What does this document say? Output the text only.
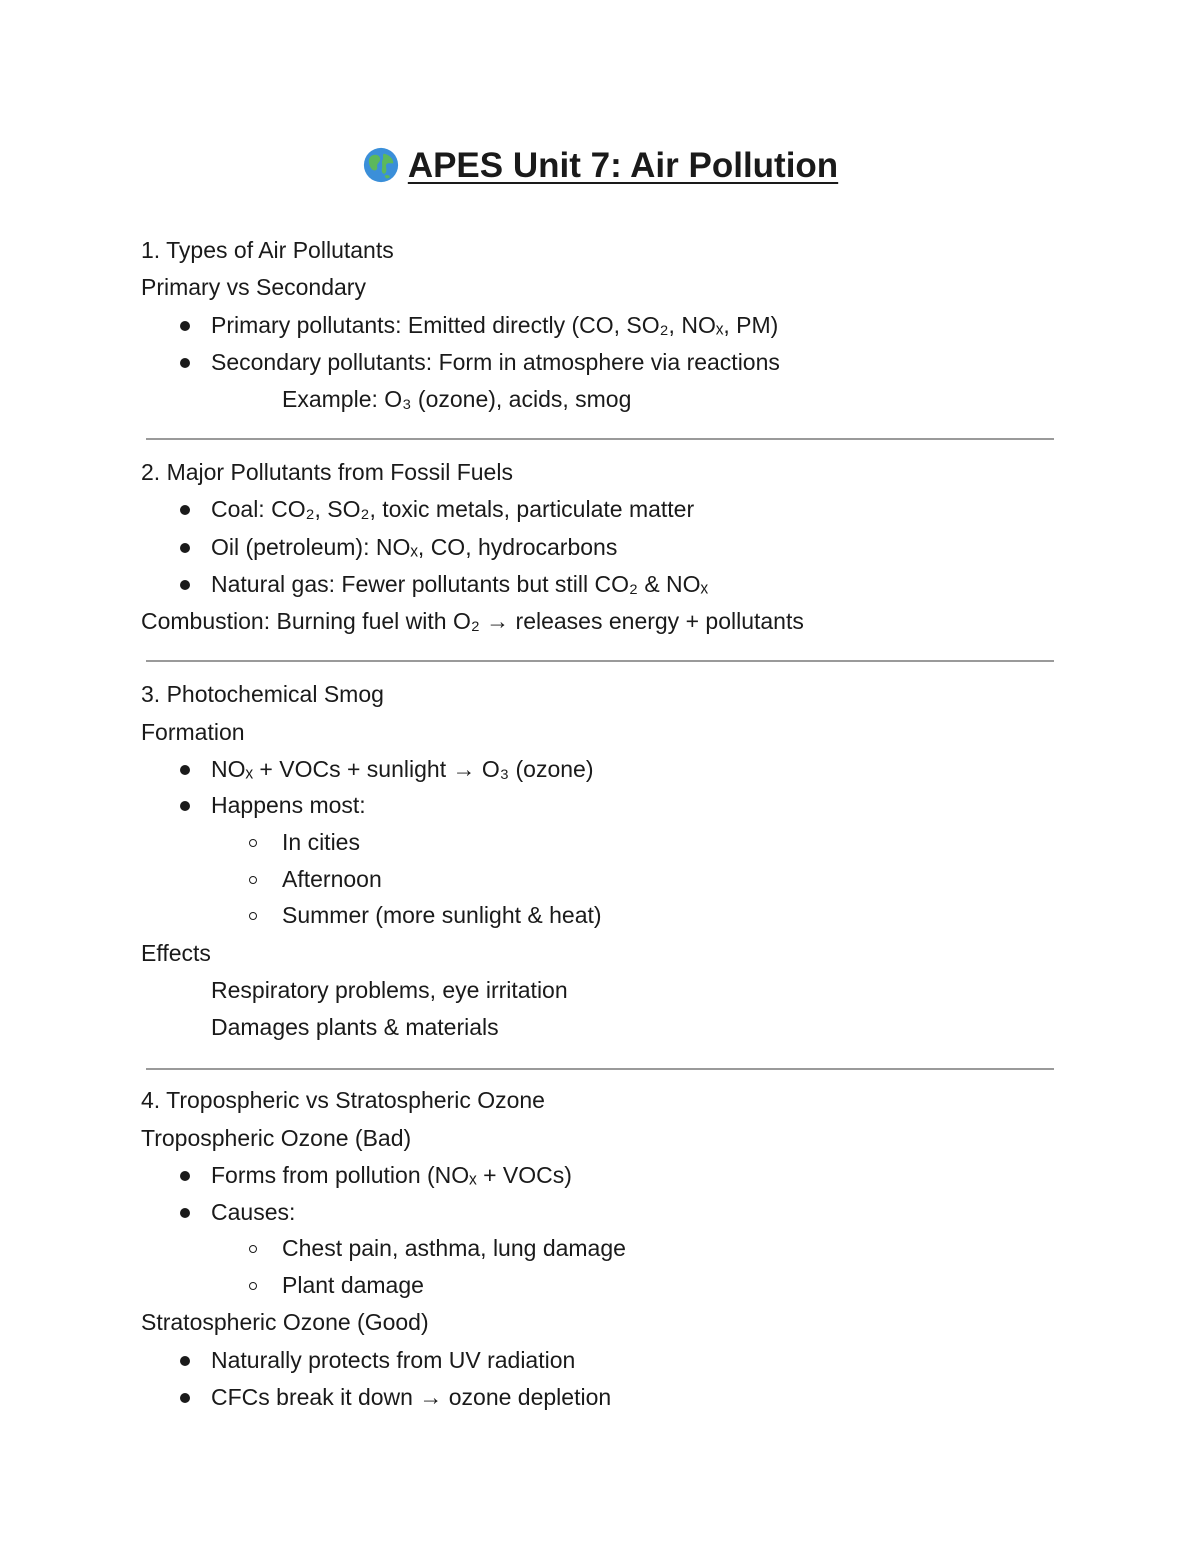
APES Unit 7: Air Pollution
1. Types of Air Pollutants
Primary vs Secondary
Primary pollutants: Emitted directly (CO, SO₂, NOₓ, PM)
Secondary pollutants: Form in atmosphere via reactions
Example: O₃ (ozone), acids, smog
2. Major Pollutants from Fossil Fuels
Coal: CO₂, SO₂, toxic metals, particulate matter
Oil (petroleum): NOₓ, CO, hydrocarbons
Natural gas: Fewer pollutants but still CO₂ & NOₓ
Combustion: Burning fuel with O₂ → releases energy + pollutants
3. Photochemical Smog
Formation
NOₓ + VOCs + sunlight → O₃ (ozone)
Happens most:
In cities
Afternoon
Summer (more sunlight & heat)
Effects
Respiratory problems, eye irritation
Damages plants & materials
4. Tropospheric vs Stratospheric Ozone
Tropospheric Ozone (Bad)
Forms from pollution (NOₓ + VOCs)
Causes:
Chest pain, asthma, lung damage
Plant damage
Stratospheric Ozone (Good)
Naturally protects from UV radiation
CFCs break it down → ozone depletion
